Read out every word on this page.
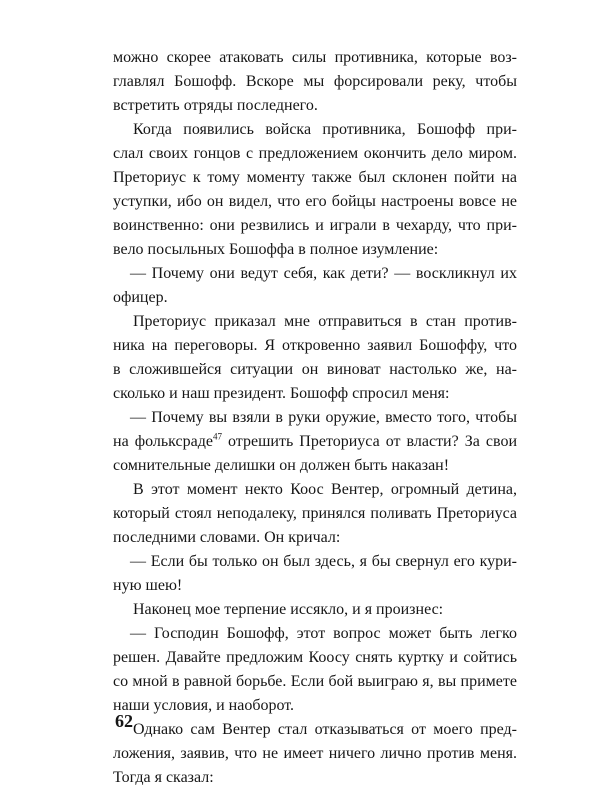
можно скорее атаковать силы противника, которые воз-
главлял Бошофф. Вскоре мы форсировали реку, чтобы
встретить отряды последнего.
Когда появились войска противника, Бошофф при-
слал своих гонцов с предложением окончить дело миром.
Преториус к тому моменту также был склонен пойти на
уступки, ибо он видел, что его бойцы настроены вовсе не
воинственно: они резвились и играли в чехарду, что при-
вело посыльных Бошоффа в полное изумление:
— Почему они ведут себя, как дети? — воскликнул их
офицер.
Преториус приказал мне отправиться в стан против-
ника на переговоры. Я откровенно заявил Бошоффу, что
в сложившейся ситуации он виноват настолько же, на-
сколько и наш президент. Бошофф спросил меня:
— Почему вы взяли в руки оружие, вместо того, чтобы
на фольксраде$^{47}$ отрешить Преториуса от власти? За свои
сомнительные делишки он должен быть наказан!
В этот момент некто Коос Вентер, огромный детина,
который стоял неподалеку, принялся поливать Преториуса
последними словами. Он кричал:
— Если бы только он был здесь, я бы свернул его кури-
ную шею!
Наконец мое терпение иссякло, и я произнес:
— Господин Бошофф, этот вопрос может быть легко
решен. Давайте предложим Коосу снять куртку и сойтись
со мной в равной борьбе. Если бой выиграю я, вы примете
наши условия, и наоборот.
Однако сам Вентер стал отказываться от моего пред-
ложения, заявив, что не имеет ничего лично против меня.
Тогда я сказал:
62
